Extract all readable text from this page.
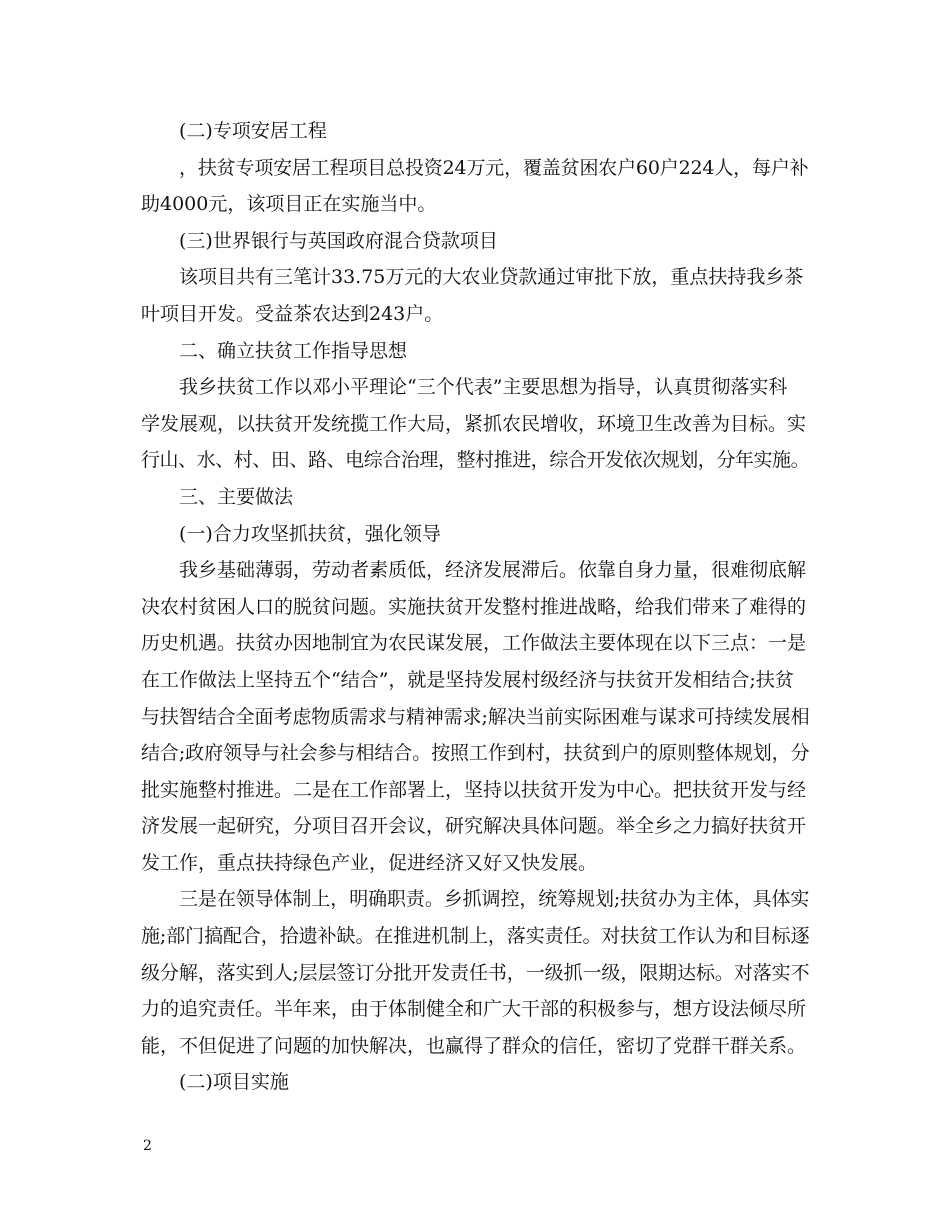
(二)专项安居工程
，扶贫专项安居工程项目总投资24万元，覆盖贫困农户60户224人，每户补
助4000元，该项目正在实施当中。
(三)世界银行与英国政府混合贷款项目
该项目共有三笔计33.75万元的大农业贷款通过审批下放，重点扶持我乡茶
叶项目开发。受益茶农达到243户。
二、确立扶贫工作指导思想
我乡扶贫工作以邓小平理论“三个代表”主要思想为指导，认真贯彻落实科
学发展观，以扶贫开发统揽工作大局，紧抓农民增收，环境卫生改善为目标。实
行山、水、村、田、路、电综合治理，整村推进，综合开发依次规划，分年实施。
三、主要做法
(一)合力攻坚抓扶贫，强化领导
我乡基础薄弱，劳动者素质低，经济发展滞后。依靠自身力量，很难彻底解
决农村贫困人口的脱贫问题。实施扶贫开发整村推进战略，给我们带来了难得的
历史机遇。扶贫办因地制宜为农民谋发展，工作做法主要体现在以下三点：一是
在工作做法上坚持五个“结合”，就是坚持发展村级经济与扶贫开发相结合;扶贫
与扶智结合全面考虑物质需求与精神需求;解决当前实际困难与谋求可持续发展相
结合;政府领导与社会参与相结合。按照工作到村，扶贫到户的原则整体规划，分
批实施整村推进。二是在工作部署上，坚持以扶贫开发为中心。把扶贫开发与经
济发展一起研究，分项目召开会议，研究解决具体问题。举全乡之力搞好扶贫开
发工作，重点扶持绿色产业，促进经济又好又快发展。
三是在领导体制上，明确职责。乡抓调控，统筹规划;扶贫办为主体，具体实
施;部门搞配合，拾遗补缺。在推进机制上，落实责任。对扶贫工作认为和目标逐
级分解，落实到人;层层签订分批开发责任书，一级抓一级，限期达标。对落实不
力的追究责任。半年来，由于体制健全和广大干部的积极参与，想方设法倾尽所
能，不但促进了问题的加快解决，也赢得了群众的信任，密切了党群干群关系。
(二)项目实施
2
